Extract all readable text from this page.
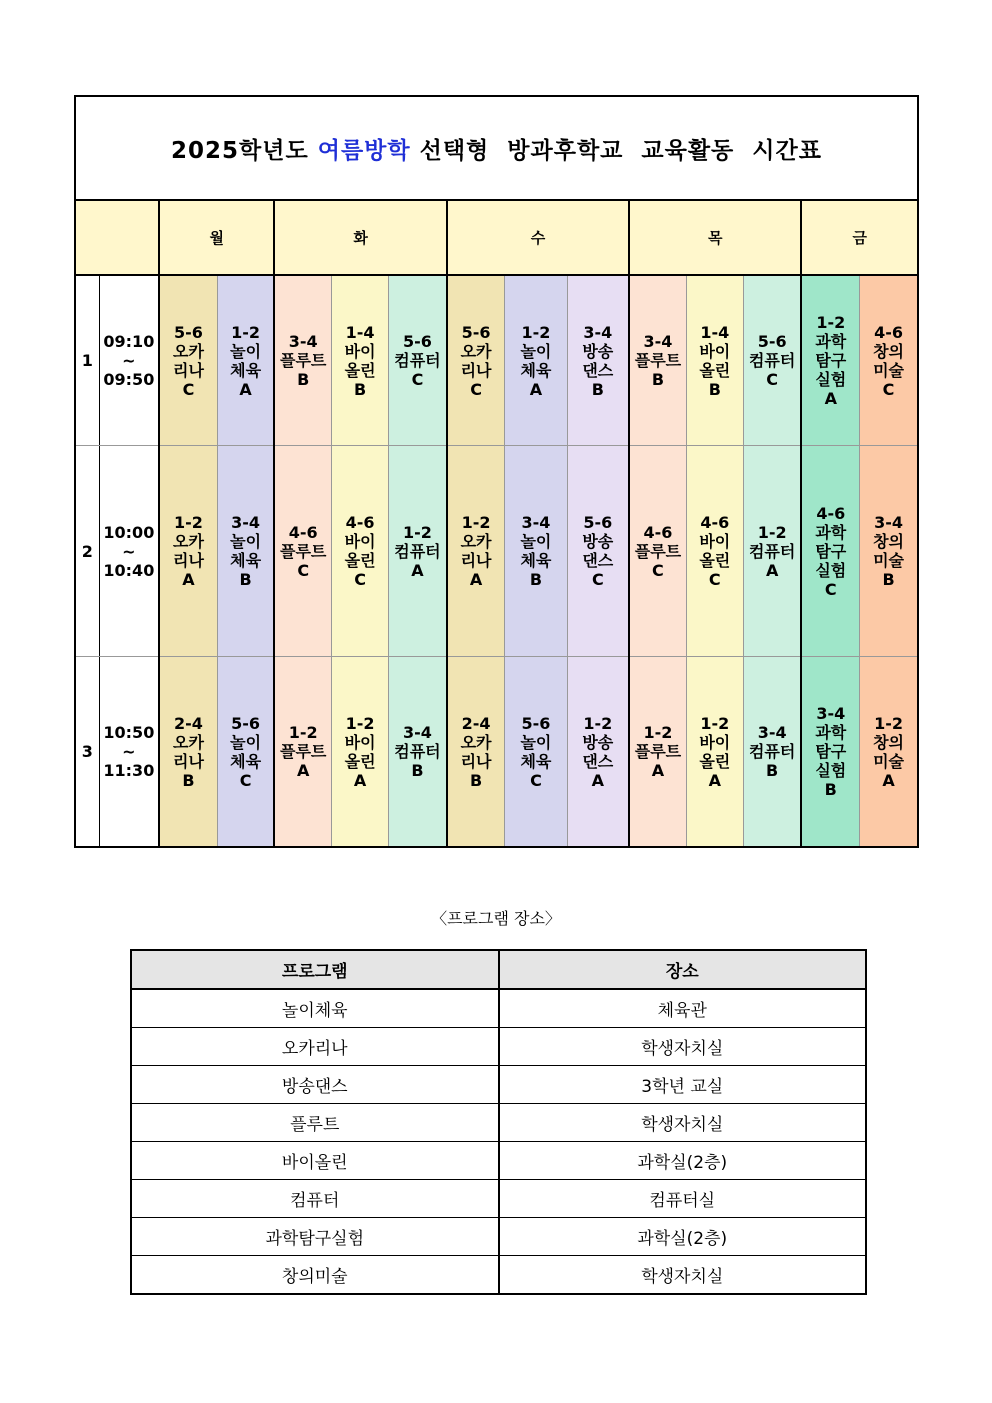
2025학년도 여름방학 선택형  방과후학교  교육활동  시간표														
		월		화			수			목			금	
1	09:10
~
09:50	5-6
오카
리나
C	1-2
놀이
체육
A	3-4
플루트
B	1-4
바이
올린
B	5-6
컴퓨터
C	5-6
오카
리나
C	1-2
놀이
체육
A	3-4
방송
댄스
B	3-4
플루트
B	1-4
바이
올린
B	5-6
컴퓨터
C	1-2
과학
탐구
실험
A	4-6
창의
미술
C

2	10:00
~
10:40	1-2
오카
리나
A	3-4
놀이
체육
B	4-6
플루트
C	4-6
바이
올린
C	1-2
컴퓨터
A	1-2
오카
리나
A	3-4
놀이
체육
B	5-6
방송
댄스
C	4-6
플루트
C	4-6
바이
올린
C	1-2
컴퓨터
A	4-6
과학
탐구
실험
C	3-4
창의
미술
B

3	10:50
~
11:30	2-4
오카
리나
B	5-6
놀이
체육
C	1-2
플루트
A	1-2
바이
올린
A	3-4
컴퓨터
B	2-4
오카
리나
B	5-6
놀이
체육
C	1-2
방송
댄스
A	1-2
플루트
A	1-2
바이
올린
A	3-4
컴퓨터
B	3-4
과학
탐구
실험
B	1-2
창의
미술
A
〈프로그램 장소〉
프로그램	장소
놀이체육	체육관
오카리나	학생자치실
방송댄스	3학년 교실
플루트	학생자치실
바이올린	과학실(2층)
컴퓨터	컴퓨터실
과학탐구실험	과학실(2층)
창의미술	학생자치실
